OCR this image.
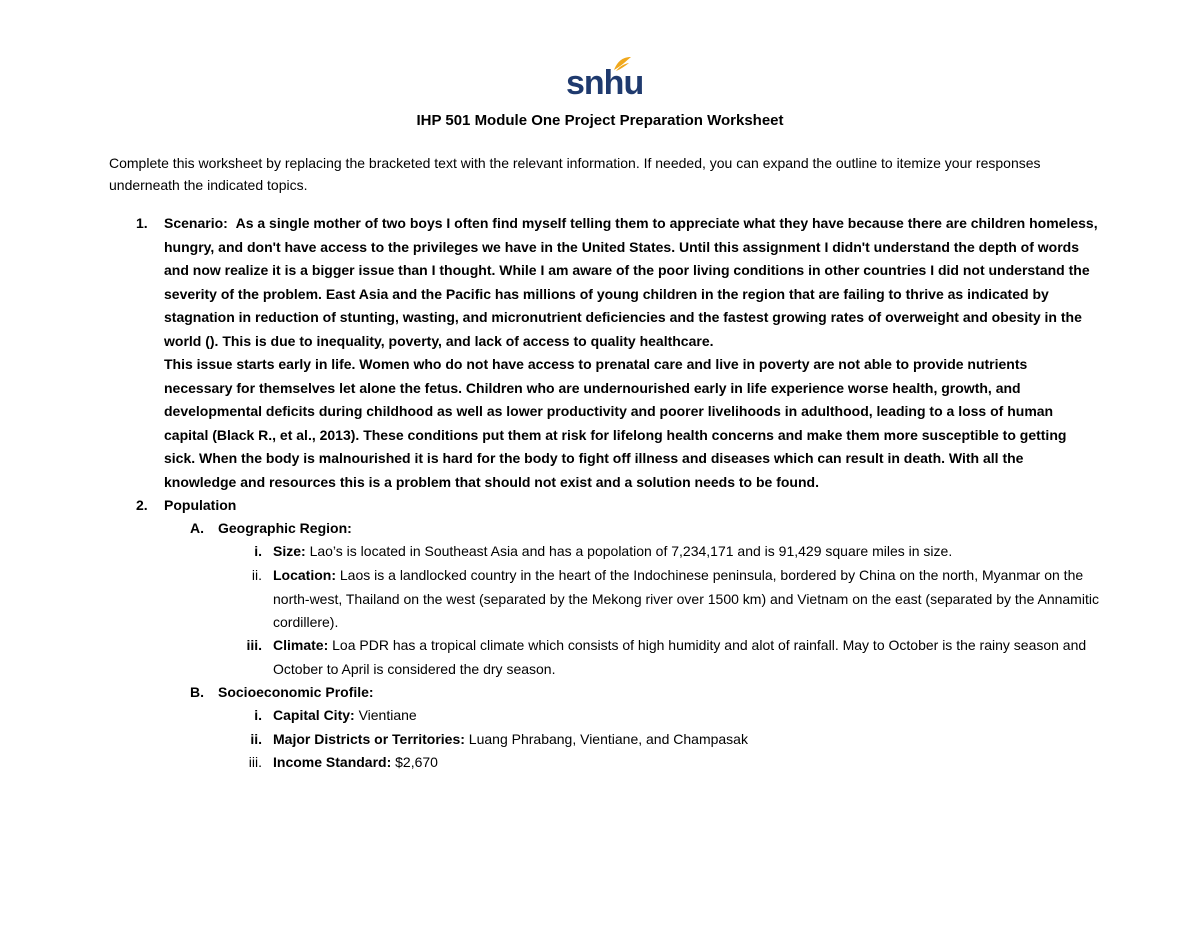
snhu
IHP 501 Module One Project Preparation Worksheet
Complete this worksheet by replacing the bracketed text with the relevant information. If needed, you can expand the outline to itemize your responses underneath the indicated topics.
1. Scenario: As a single mother of two boys I often find myself telling them to appreciate what they have because there are children homeless, hungry, and don't have access to the privileges we have in the United States. Until this assignment I didn't understand the depth of words and now realize it is a bigger issue than I thought. While I am aware of the poor living conditions in other countries I did not understand the severity of the problem. East Asia and the Pacific has millions of young children in the region that are failing to thrive as indicated by stagnation in reduction of stunting, wasting, and micronutrient deficiencies and the fastest growing rates of overweight and obesity in the world (). This is due to inequality, poverty, and lack of access to quality healthcare.
This issue starts early in life. Women who do not have access to prenatal care and live in poverty are not able to provide nutrients necessary for themselves let alone the fetus. Children who are undernourished early in life experience worse health, growth, and developmental deficits during childhood as well as lower productivity and poorer livelihoods in adulthood, leading to a loss of human capital (Black R., et al., 2013). These conditions put them at risk for lifelong health concerns and make them more susceptible to getting sick. When the body is malnourished it is hard for the body to fight off illness and diseases which can result in death. With all the knowledge and resources this is a problem that should not exist and a solution needs to be found.
2. Population
A. Geographic Region:
i. Size: Lao’s is located in Southeast Asia and has a popolation of 7,234,171 and is 91,429 square miles in size.
ii. Location: Laos is a landlocked country in the heart of the Indochinese peninsula, bordered by China on the north, Myanmar on the north-west, Thailand on the west (separated by the Mekong river over 1500 km) and Vietnam on the east (separated by the Annamitic cordillere).
iii. Climate: Loa PDR has a tropical climate which consists of high humidity and alot of rainfall. May to October is the rainy season and October to April is considered the dry season.
B. Socioeconomic Profile:
i. Capital City: Vientiane
ii. Major Districts or Territories: Luang Phrabang, Vientiane, and Champasak
iii. Income Standard: $2,670
